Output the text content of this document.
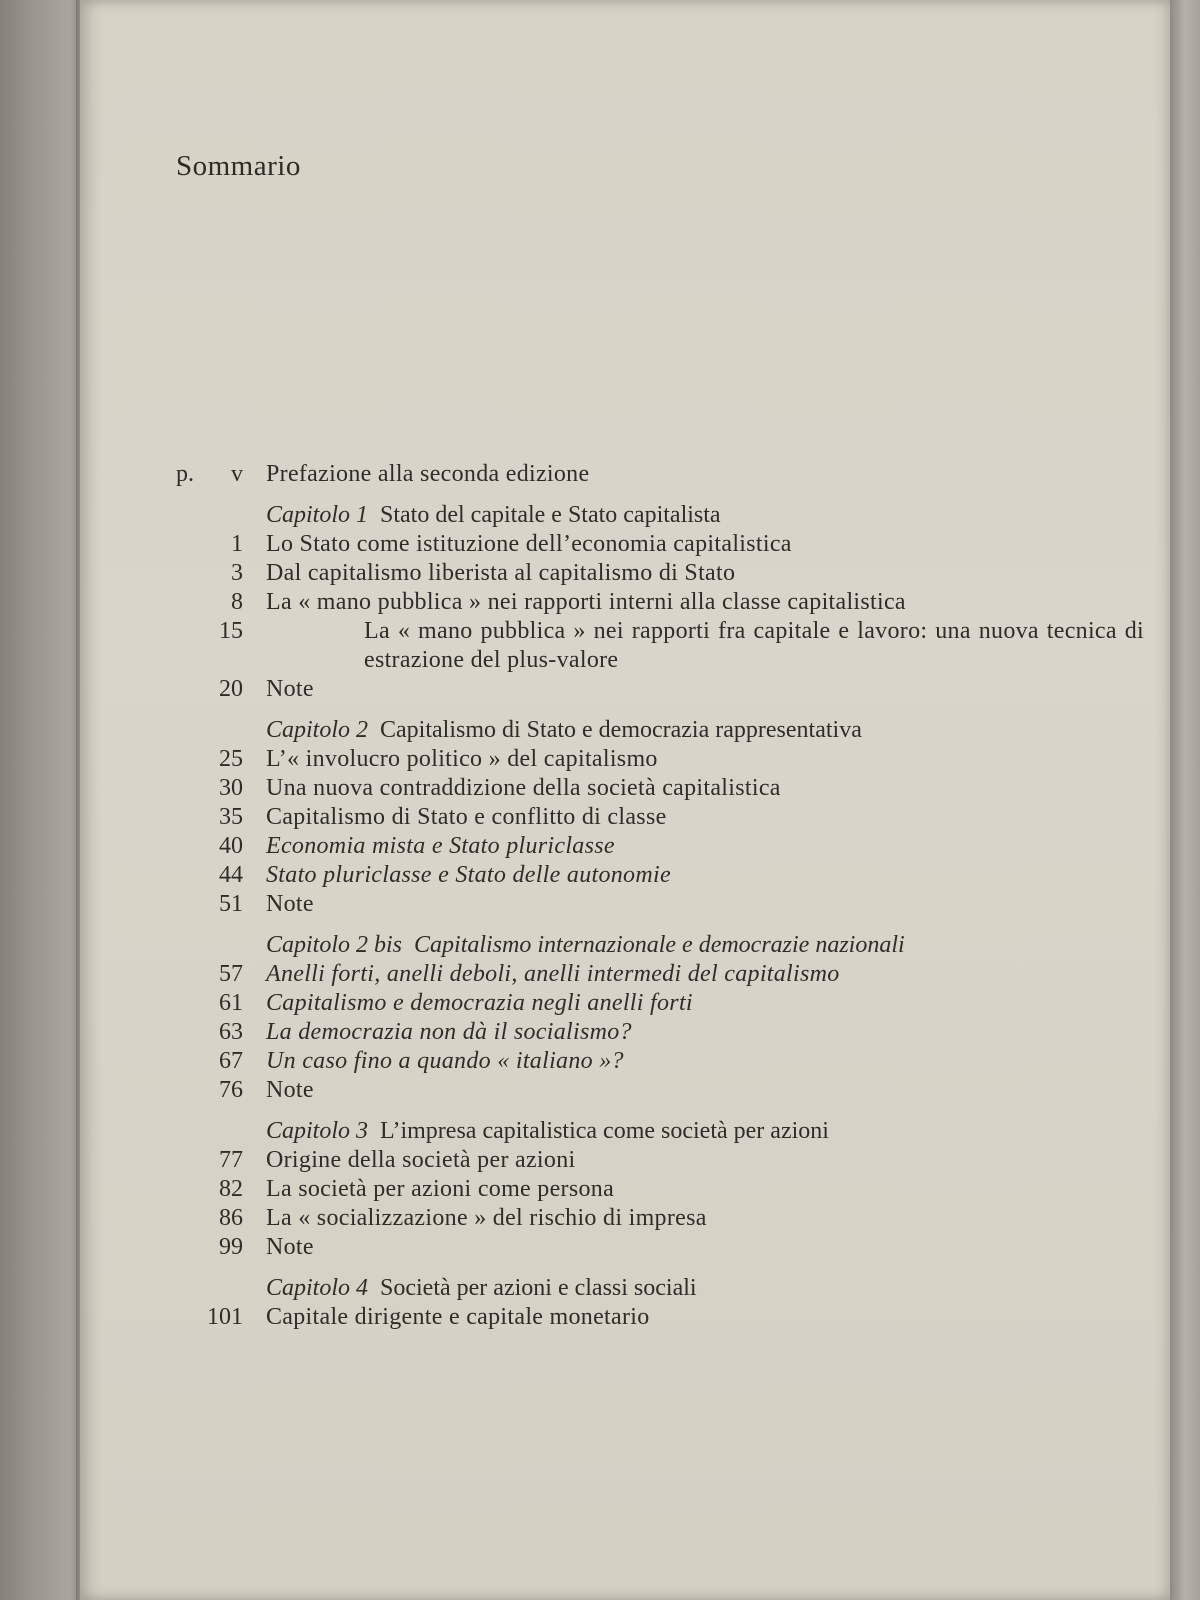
Sommario
p.	v Prefazione alla seconda edizione
Capitolo 1 Stato del capitale e Stato capitalista
1 Lo Stato come istituzione dell’economia capitalistica
3 Dal capitalismo liberista al capitalismo di Stato
8 La « mano pubblica » nei rapporti interni alla classe capitalistica
15	La « mano pubblica » nei rapporti fra capitale e lavoro: una nuova tecnica di estrazione del plus-valore
20 Note
Capitolo 2 Capitalismo di Stato e democrazia rappresentativa
25 L’« involucro politico » del capitalismo
30 Una nuova contraddizione della società capitalistica
35 Capitalismo di Stato e conflitto di classe
40 Economia mista e Stato pluriclasse
44 Stato pluriclasse e Stato delle autonomie
51 Note
Capitolo 2 bis Capitalismo internazionale e democrazie nazionali
57 Anelli forti, anelli deboli, anelli intermedi del capitalismo
61 Capitalismo e democrazia negli anelli forti
63 La democrazia non dà il socialismo?
67 Un caso fino a quando « italiano »?
76 Note
Capitolo 3 L’impresa capitalistica come società per azioni
77 Origine della società per azioni
82 La società per azioni come persona
86 La « socializzazione » del rischio di impresa
99 Note
Capitolo 4 Società per azioni e classi sociali
101 Capitale dirigente e capitale monetario
